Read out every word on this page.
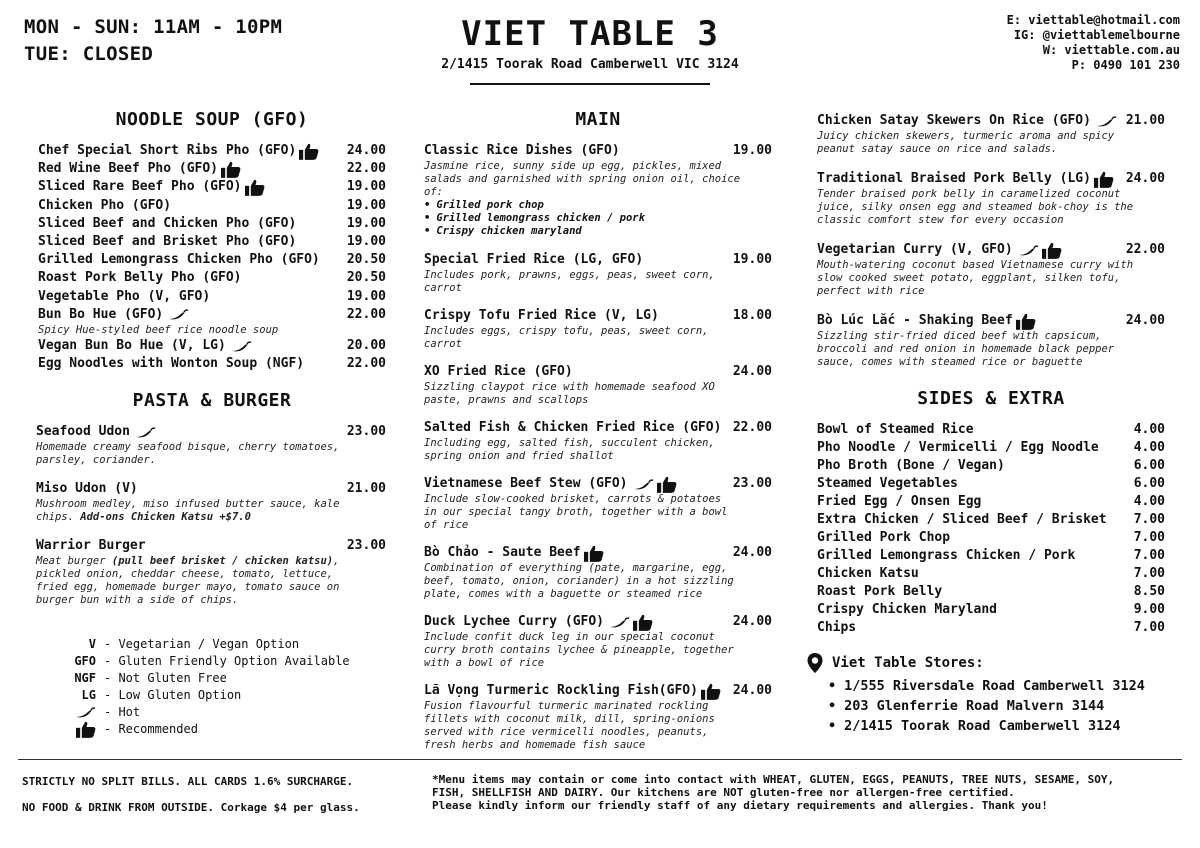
MON - SUN: 11AM - 10PM
TUE: CLOSED	VIET TABLE 3
2/1415 Toorak Road Camberwell VIC 3124
E: viettable@hotmail.com
IG: @viettablemelbourne
W: viettable.com.au
P: 0490 101 230
NOODLE SOUP (GFO)
Chef Special Short Ribs Pho (GFO)	24.00
Red Wine Beef Pho (GFO)	22.00
Sliced Rare Beef Pho (GFO)	19.00
Chicken Pho (GFO)	19.00
Sliced Beef and Chicken Pho (GFO)	19.00
Sliced Beef and Brisket Pho (GFO)	19.00
Grilled Lemongrass Chicken Pho (GFO) 20.50
Roast Pork Belly Pho (GFO)	20.50
Vegetable Pho (V, GFO)	19.00
Bun Bo Hue (GFO)	22.00
Spicy Hue-styled beef rice noodle soup
Vegan Bun Bo Hue (V, LG)	20.00
Egg Noodles with Wonton Soup (NGF)	22.00
PASTA & BURGER
Seafood Udon	23.00
Homemade creamy seafood bisque, cherry tomatoes, parsley, coriander.
Miso Udon (V)	21.00
Mushroom medley, miso infused butter sauce, kale chips. Add-ons Chicken Katsu +$7.0
Warrior Burger	23.00
Meat burger (pull beef brisket / chicken katsu), pickled onion, cheddar cheese, tomato, lettuce, fried egg, homemade burger mayo, tomato sauce on burger bun with a side of chips.
V - Vegetarian / Vegan Option
GFO - Gluten Friendly Option Available
NGF - Not Gluten Free
LG - Low Gluten Option
- Hot
- Recommended
MAIN
Classic Rice Dishes (GFO)	19.00
Jasmine rice, sunny side up egg, pickles, mixed salads and garnished with spring onion oil, choice of:
• Grilled pork chop
• Grilled lemongrass chicken / pork
• Crispy chicken maryland
Special Fried Rice (LG, GFO)	19.00
Includes pork, prawns, eggs, peas, sweet corn, carrot
Crispy Tofu Fried Rice (V, LG)	18.00
Includes eggs, crispy tofu, peas, sweet corn, carrot
XO Fried Rice (GFO)	24.00
Sizzling claypot rice with homemade seafood XO paste, prawns and scallops
Salted Fish & Chicken Fried Rice (GFO) 22.00
Including egg, salted fish, succulent chicken, spring onion and fried shallot
Vietnamese Beef Stew (GFO)	23.00
Include slow-cooked brisket, carrots & potatoes in our special tangy broth, together with a bowl of rice
Bò Chảo - Saute Beef	24.00
Combination of everything (pate, margarine, egg, beef, tomato, onion, coriander) in a hot sizzling plate, comes with a baguette or steamed rice
Duck Lychee Curry (GFO)	24.00
Include confit duck leg in our special coconut curry broth contains lychee & pineapple, together with a bowl of rice
Lã Vọng Turmeric Rockling Fish(GFO)	24.00
Fusion flavourful turmeric marinated rockling fillets with coconut milk, dill, spring-onions served with rice vermicelli noodles, peanuts, fresh herbs and homemade fish sauce
Chicken Satay Skewers On Rice (GFO)	21.00
Juicy chicken skewers, turmeric aroma and spicy peanut satay sauce on rice and salads.
Traditional Braised Pork Belly (LG)	24.00
Tender braised pork belly in caramelized coconut juice, silky onsen egg and steamed bok-choy is the classic comfort stew for every occasion
Vegetarian Curry (V, GFO)	22.00
Mouth-watering coconut based Vietnamese curry with slow cooked sweet potato, eggplant, silken tofu, perfect with rice
Bò Lúc Lắc - Shaking Beef	24.00
Sizzling stir-fried diced beef with capsicum, broccoli and red onion in homemade black pepper sauce, comes with steamed rice or baguette
SIDES & EXTRA
Bowl of Steamed Rice	4.00
Pho Noodle / Vermicelli / Egg Noodle	4.00
Pho Broth (Bone / Vegan)	6.00
Steamed Vegetables	6.00
Fried Egg / Onsen Egg	4.00
Extra Chicken / Sliced Beef / Brisket 7.00
Grilled Pork Chop	7.00
Grilled Lemongrass Chicken / Pork	7.00
Chicken Katsu	7.00
Roast Pork Belly	8.50
Crispy Chicken Maryland	9.00
Chips	7.00
Viet Table Stores:
• 1/555 Riversdale Road Camberwell 3124
• 203 Glenferrie Road Malvern 3144
• 2/1415 Toorak Road Camberwell 3124
STRICTLY NO SPLIT BILLS. ALL CARDS 1.6% SURCHARGE.
NO FOOD & DRINK FROM OUTSIDE. Corkage $4 per glass.
*Menu items may contain or come into contact with WHEAT, GLUTEN, EGGS, PEANUTS, TREE NUTS, SESAME, SOY,
FISH, SHELLFISH AND DAIRY. Our kitchens are NOT gluten-free nor allergen-free certified.
Please kindly inform our friendly staff of any dietary requirements and allergies. Thank you!
